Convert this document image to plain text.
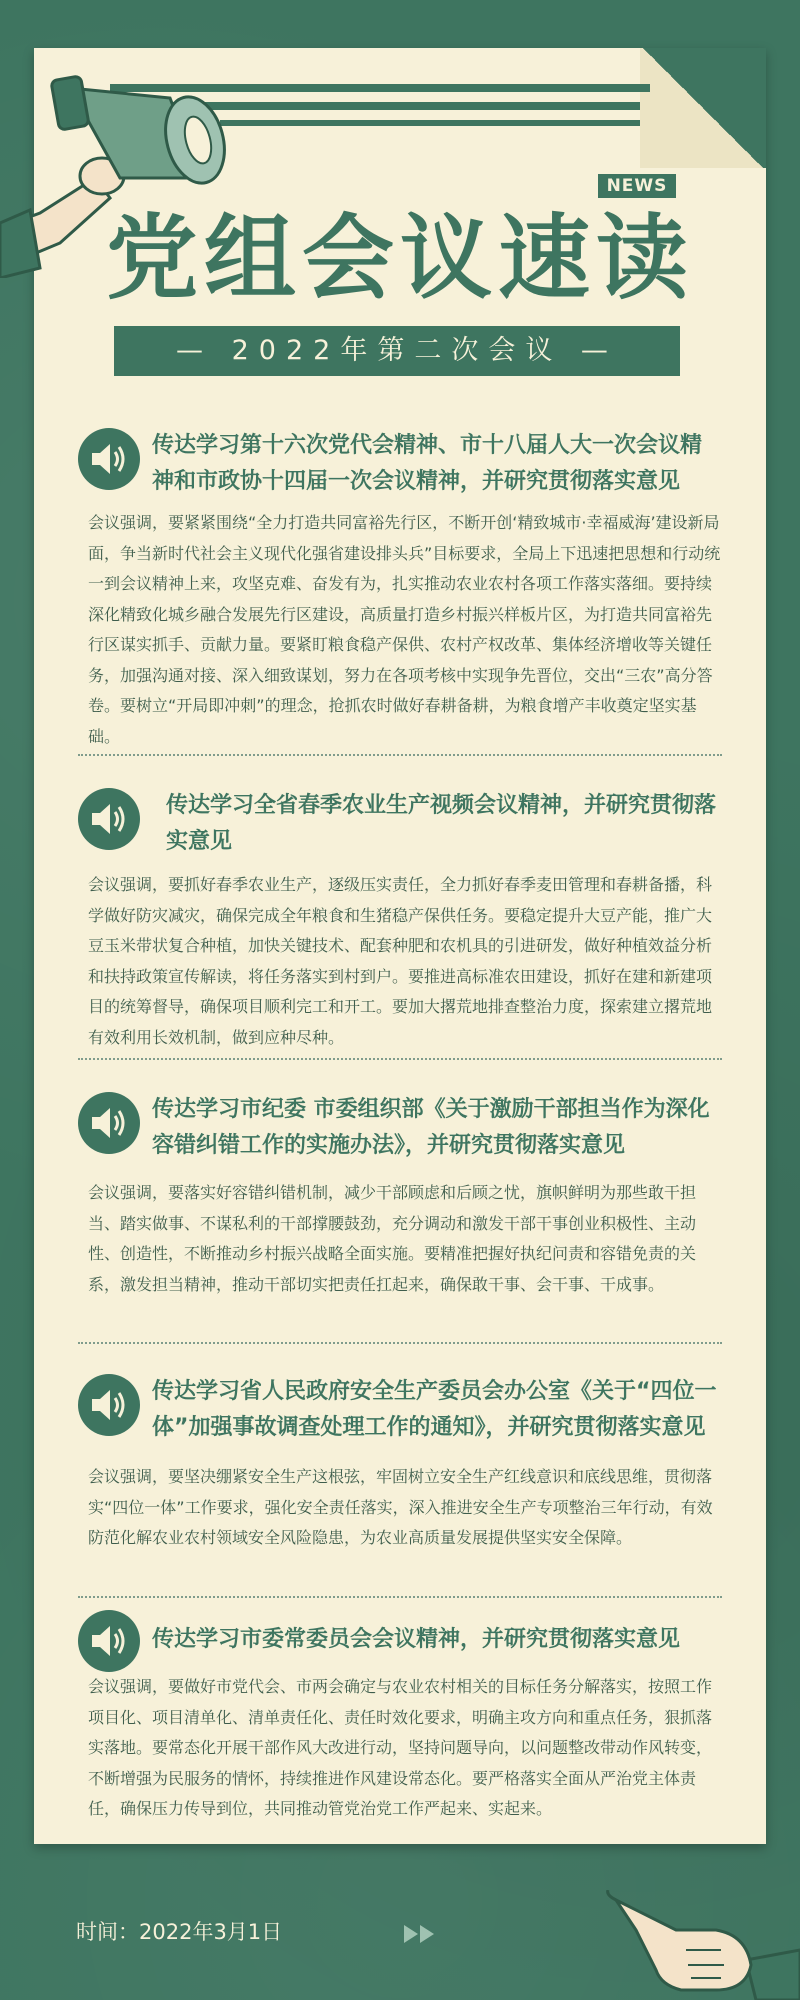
NEWS
党组会议速读
— 2022年第二次会议 —
传达学习第十六次党代会精神、市十八届人大一次会议精神和市政协十四届一次会议精神，并研究贯彻落实意见
会议强调，要紧紧围绕“全力打造共同富裕先行区，不断开创‘精致城市·幸福威海’建设新局面，争当新时代社会主义现代化强省建设排头兵”目标要求，全局上下迅速把思想和行动统一到会议精神上来，攻坚克难、奋发有为，扎实推动农业农村各项工作落实落细。要持续深化精致化城乡融合发展先行区建设，高质量打造乡村振兴样板片区，为打造共同富裕先行区谋实抓手、贡献力量。要紧盯粮食稳产保供、农村产权改革、集体经济增收等关键任务，加强沟通对接、深入细致谋划，努力在各项考核中实现争先晋位，交出“三农”高分答卷。要树立“开局即冲刺”的理念，抢抓农时做好春耕备耕，为粮食增产丰收奠定坚实基础。
传达学习全省春季农业生产视频会议精神，并研究贯彻落实意见
会议强调，要抓好春季农业生产，逐级压实责任，全力抓好春季麦田管理和春耕备播，科学做好防灾减灾，确保完成全年粮食和生猪稳产保供任务。要稳定提升大豆产能，推广大豆玉米带状复合种植，加快关键技术、配套种肥和农机具的引进研发，做好种植效益分析和扶持政策宣传解读，将任务落实到村到户。要推进高标准农田建设，抓好在建和新建项目的统筹督导，确保项目顺利完工和开工。要加大撂荒地排查整治力度，探索建立撂荒地有效利用长效机制，做到应种尽种。
传达学习市纪委 市委组织部《关于激励干部担当作为深化容错纠错工作的实施办法》，并研究贯彻落实意见
会议强调，要落实好容错纠错机制，减少干部顾虑和后顾之忧，旗帜鲜明为那些敢干担当、踏实做事、不谋私利的干部撑腰鼓劲，充分调动和激发干部干事创业积极性、主动性、创造性，不断推动乡村振兴战略全面实施。要精准把握好执纪问责和容错免责的关系，激发担当精神，推动干部切实把责任扛起来，确保敢干事、会干事、干成事。
传达学习省人民政府安全生产委员会办公室《关于“四位一体”加强事故调查处理工作的通知》，并研究贯彻落实意见
会议强调，要坚决绷紧安全生产这根弦，牢固树立安全生产红线意识和底线思维，贯彻落实“四位一体”工作要求，强化安全责任落实，深入推进安全生产专项整治三年行动，有效防范化解农业农村领域安全风险隐患，为农业高质量发展提供坚实安全保障。
传达学习市委常委员会会议精神，并研究贯彻落实意见
会议强调，要做好市党代会、市两会确定与农业农村相关的目标任务分解落实，按照工作项目化、项目清单化、清单责任化、责任时效化要求，明确主攻方向和重点任务，狠抓落实落地。要常态化开展干部作风大改进行动，坚持问题导向，以问题整改带动作风转变，不断增强为民服务的情怀，持续推进作风建设常态化。要严格落实全面从严治党主体责任，确保压力传导到位，共同推动管党治党工作严起来、实起来。
时间：2022年3月1日
